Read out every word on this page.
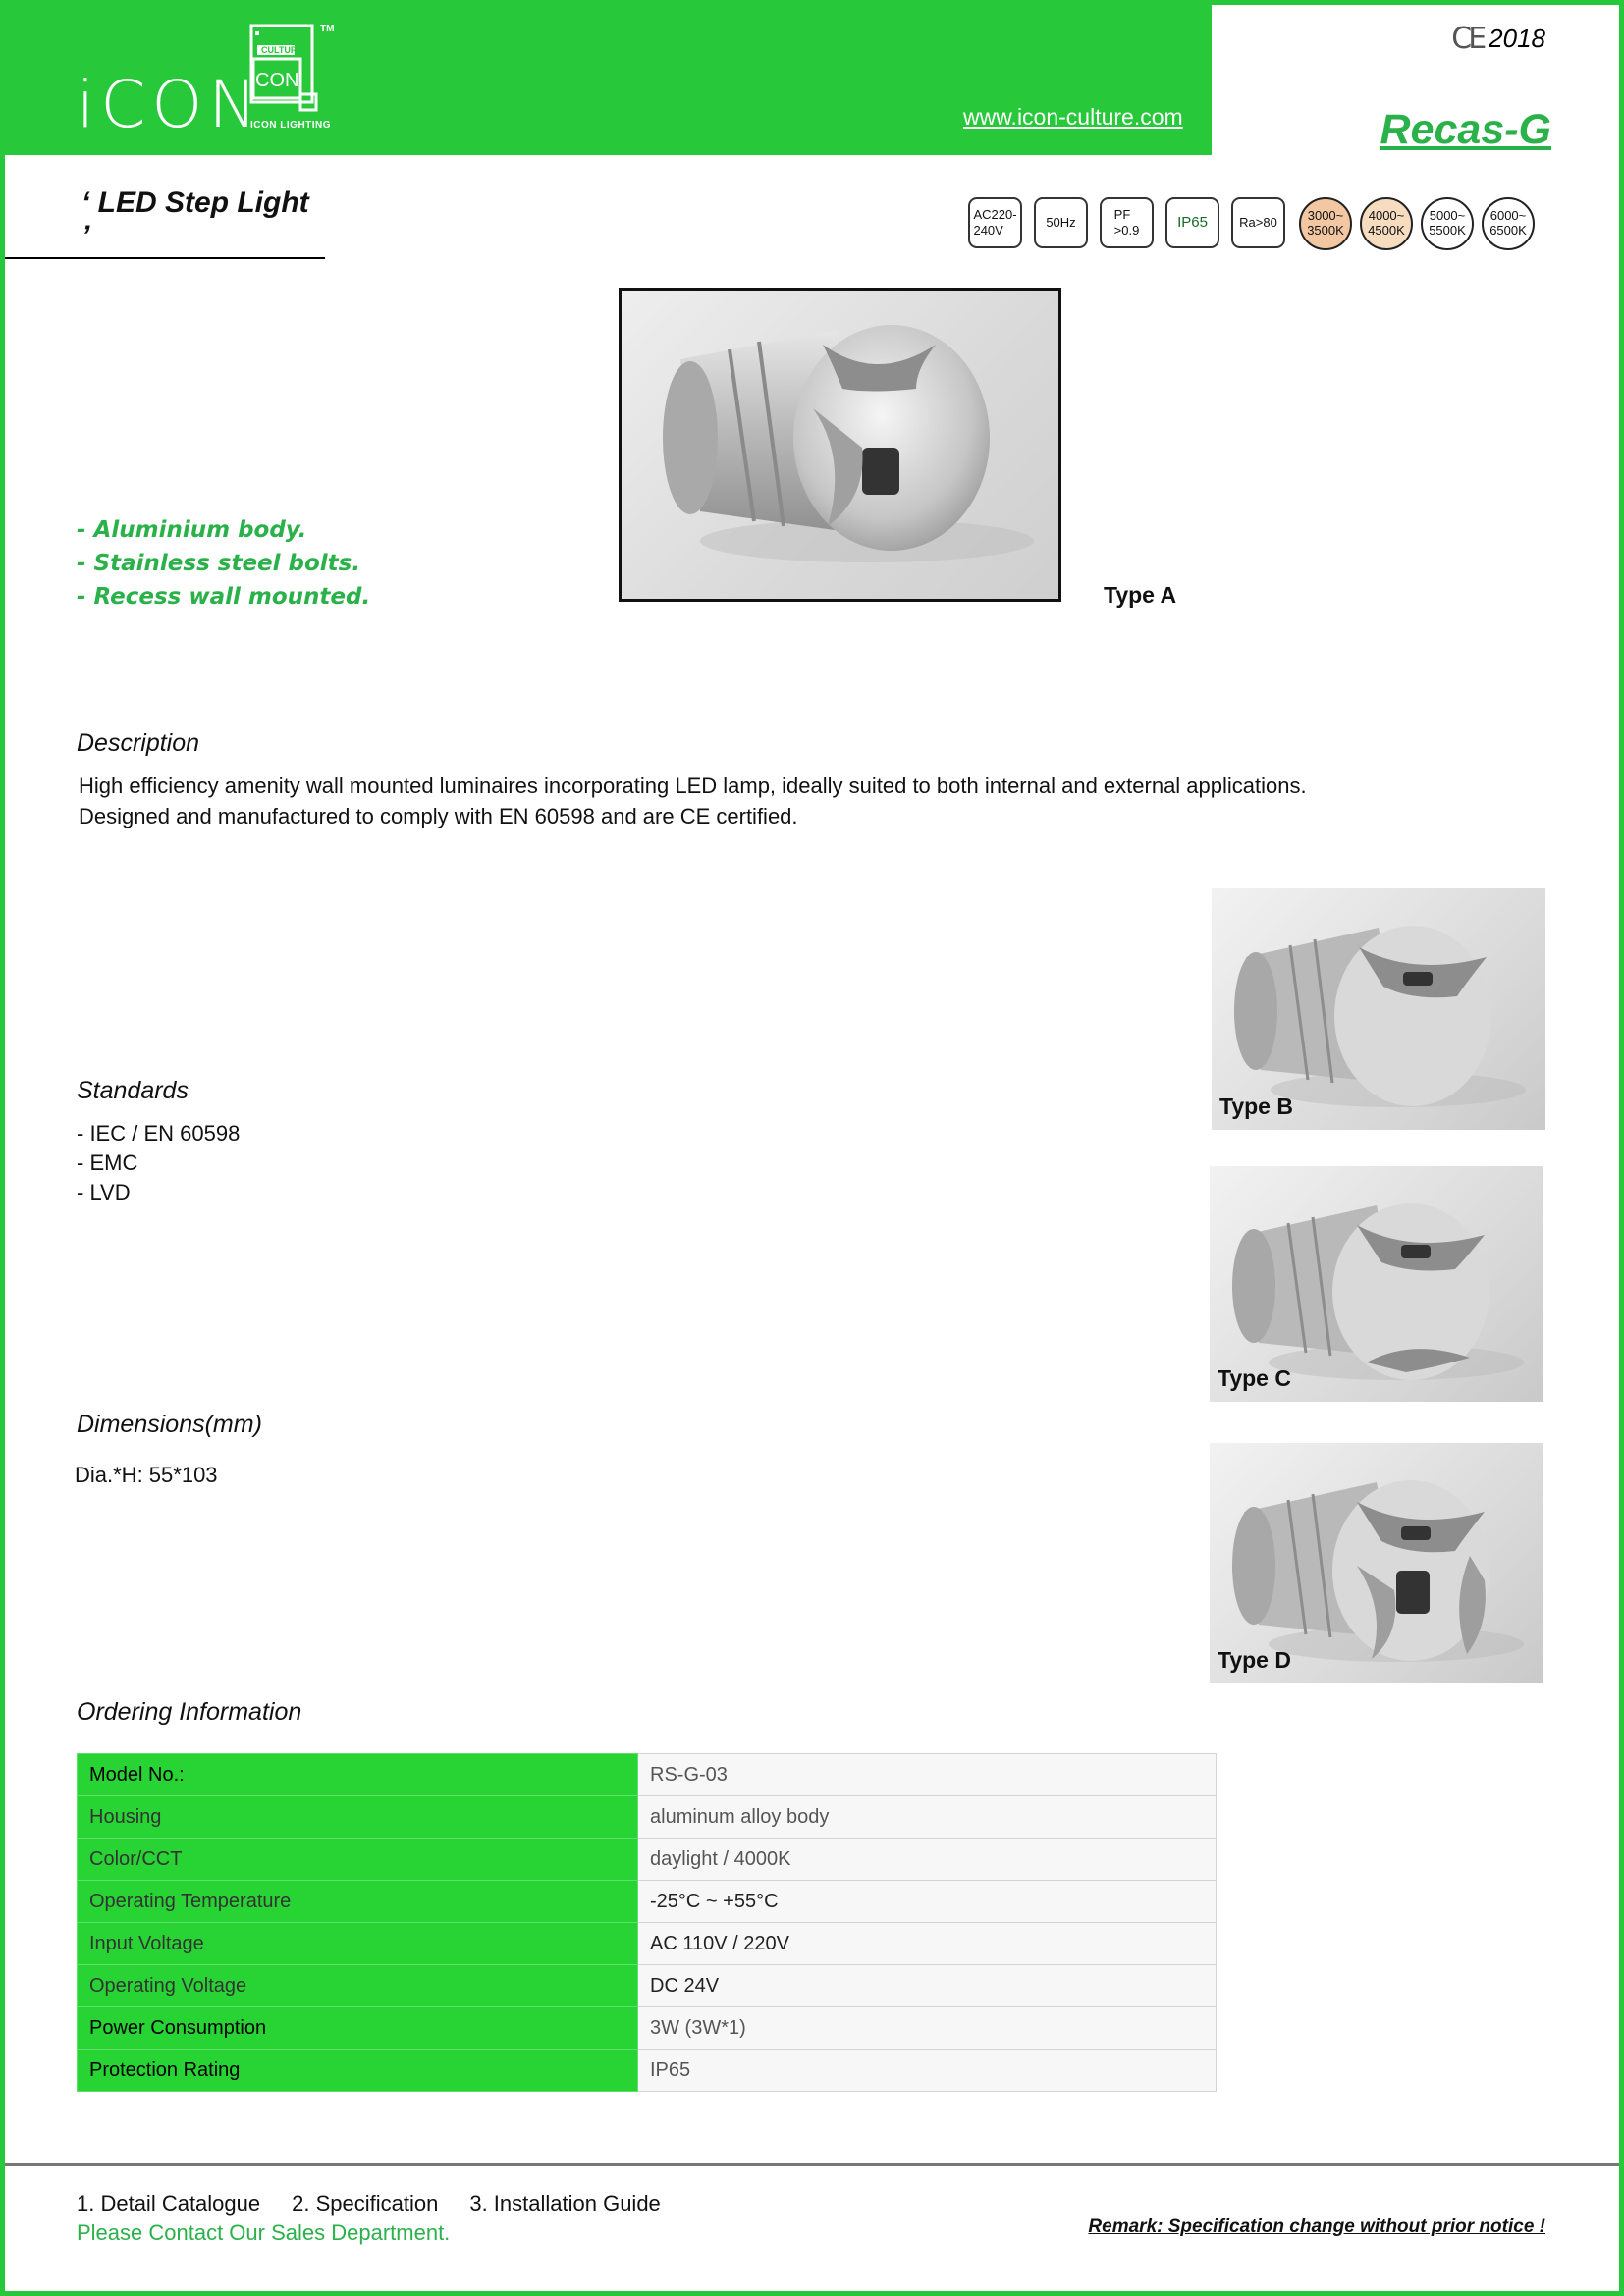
iCON
CULTURE
CON
TM
ICON LIGHTING	www.icon-culture.com
CE 2018
Recas-G
‘ LED Step Light ’
AC220-
240V
50Hz
PF
>0.9	IP65 Ra>80 3000~
3500K
4000~
4500K
5000~
5500K
6000~
6500K
- Aluminium body.
- Stainless steel bolts.
- Recess wall mounted.	Type A
Description
High efficiency amenity wall mounted luminaires incorporating LED lamp, ideally suited to both internal and external applications.
Designed and manufactured to comply with EN 60598 and are CE certified.
Type B
Type C
Type D
Standards
- IEC / EN 60598
- EMC
- LVD
Dimensions(mm)
Dia.*H: 55*103
Ordering Information
Model No.:	RS-G-03
Housing	aluminum alloy body
Color/CCT	daylight / 4000K
Operating Temperature	-25°C ~ +55°C
Input Voltage	AC 110V / 220V
Operating Voltage	DC 24V
Power Consumption	3W (3W*1)
Protection Rating	IP65
1. Detail Catalogue 2. Specification 3. Installation Guide
Please Contact Our Sales Department.	Remark: Specification change without prior notice !
